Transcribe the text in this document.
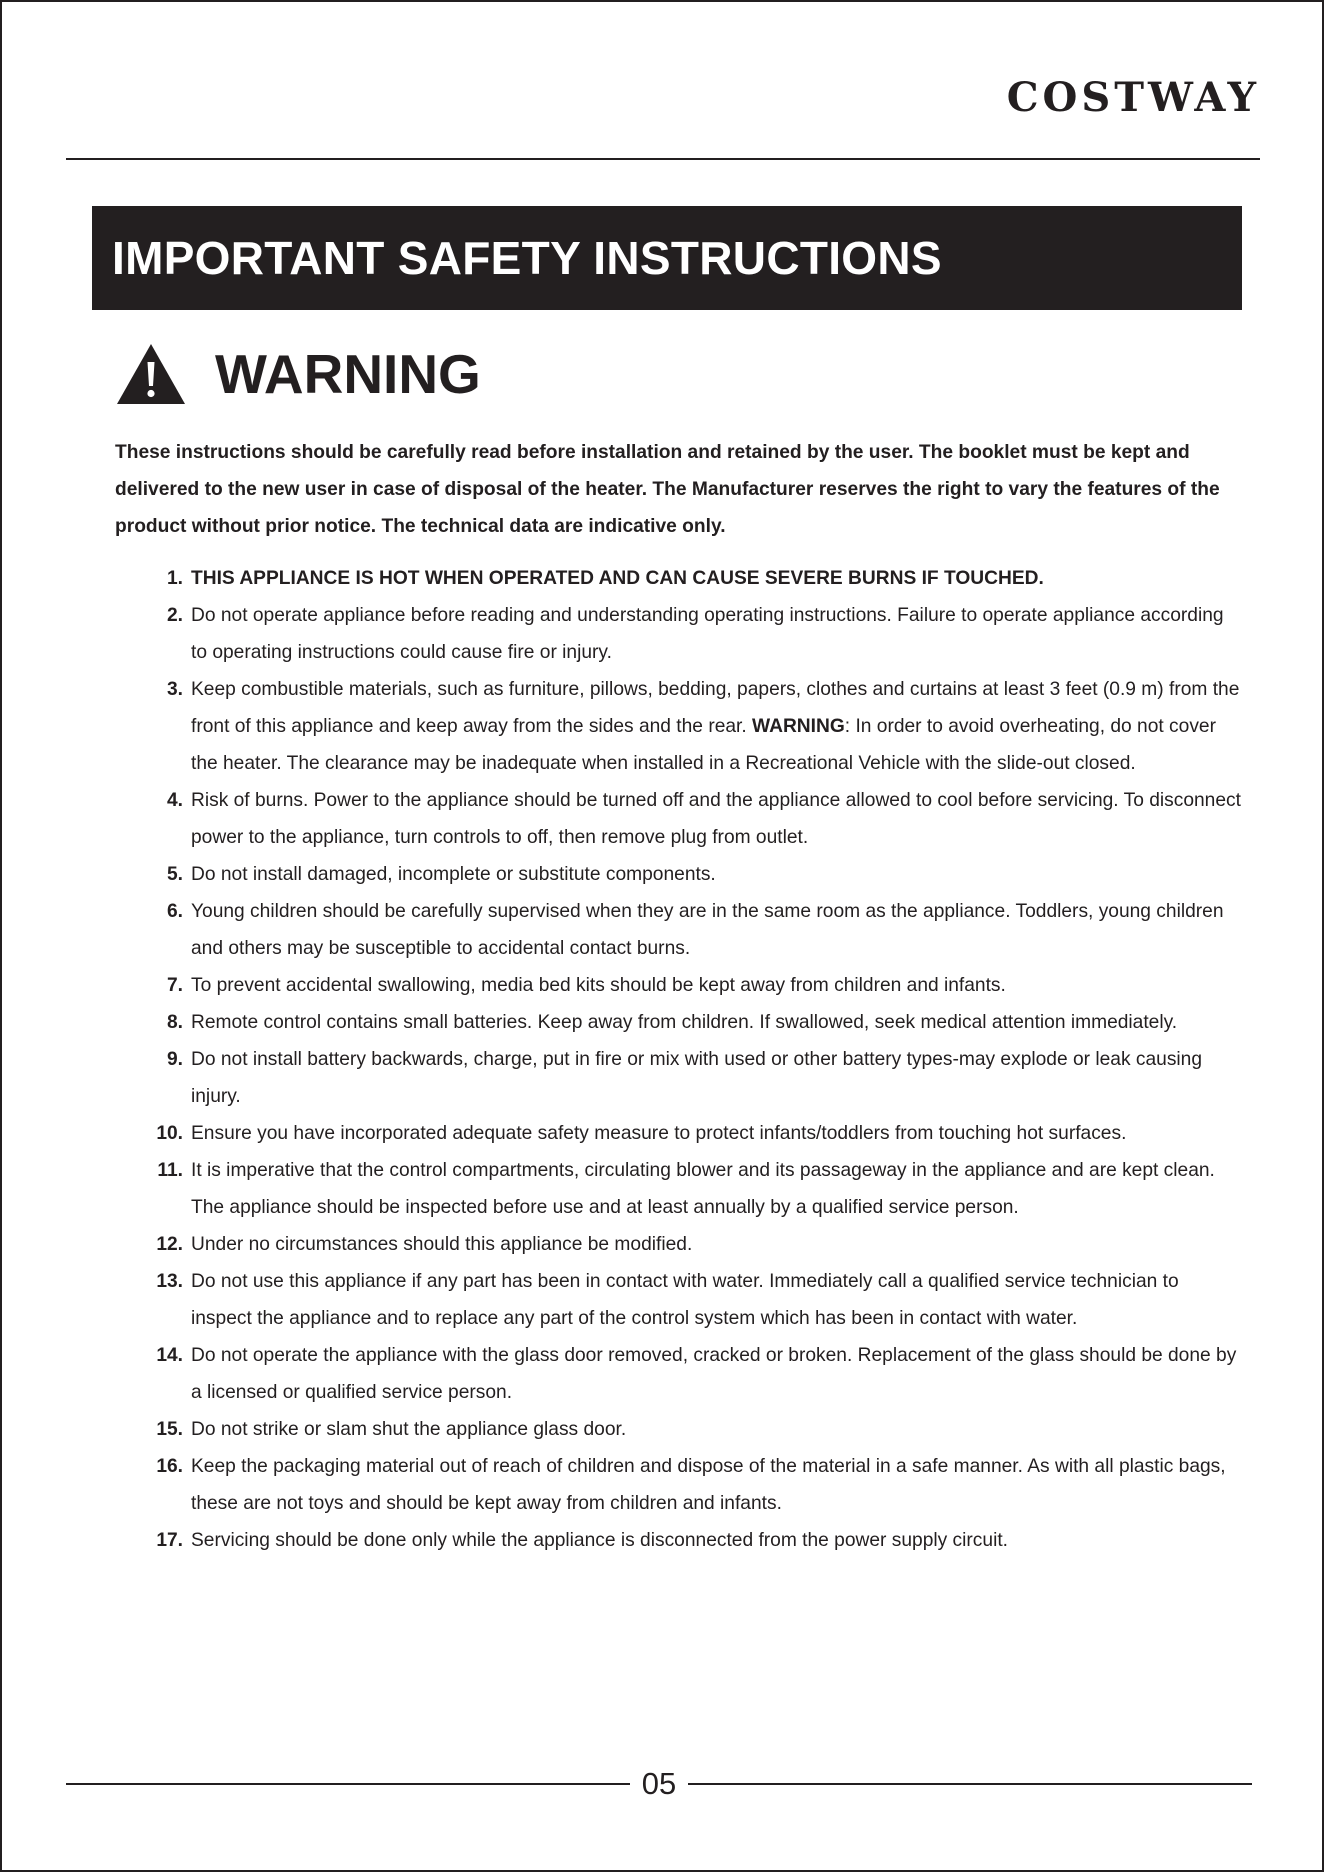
COSTWAY
IMPORTANT SAFETY INSTRUCTIONS
WARNING
These instructions should be carefully read before installation and retained by the user. The booklet must be kept and delivered to the new user in case of disposal of the heater. The Manufacturer reserves the right to vary the features of the product without prior notice. The technical data are indicative only.
1. THIS APPLIANCE IS HOT WHEN OPERATED AND CAN CAUSE SEVERE BURNS IF TOUCHED.
2. Do not operate appliance before reading and understanding operating instructions. Failure to operate appliance according to operating instructions could cause fire or injury.
3. Keep combustible materials, such as furniture, pillows, bedding, papers, clothes and curtains at least 3 feet (0.9 m) from the front of this appliance and keep away from the sides and the rear. WARNING: In order to avoid overheating, do not cover the heater. The clearance may be inadequate when installed in a Recreational Vehicle with the slide-out closed.
4. Risk of burns. Power to the appliance should be turned off and the appliance allowed to cool before servicing. To disconnect power to the appliance, turn controls to off, then remove plug from outlet.
5. Do not install damaged, incomplete or substitute components.
6. Young children should be carefully supervised when they are in the same room as the appliance. Toddlers, young children and others may be susceptible to accidental contact burns.
7. To prevent accidental swallowing, media bed kits should be kept away from children and infants.
8. Remote control contains small batteries. Keep away from children. If swallowed, seek medical attention immediately.
9. Do not install battery backwards, charge, put in fire or mix with used or other battery types-may explode or leak causing injury.
10. Ensure you have incorporated adequate safety measure to protect infants/toddlers from touching hot surfaces.
11. It is imperative that the control compartments, circulating blower and its passageway in the appliance and are kept clean. The appliance should be inspected before use and at least annually by a qualified service person.
12. Under no circumstances should this appliance be modified.
13. Do not use this appliance if any part has been in contact with water. Immediately call a qualified service technician to inspect the appliance and to replace any part of the control system which has been in contact with water.
14. Do not operate the appliance with the glass door removed, cracked or broken. Replacement of the glass should be done by a licensed or qualified service person.
15. Do not strike or slam shut the appliance glass door.
16. Keep the packaging material out of reach of children and dispose of the material in a safe manner. As with all plastic bags, these are not toys and should be kept away from children and infants.
17. Servicing should be done only while the appliance is disconnected from the power supply circuit.
05
